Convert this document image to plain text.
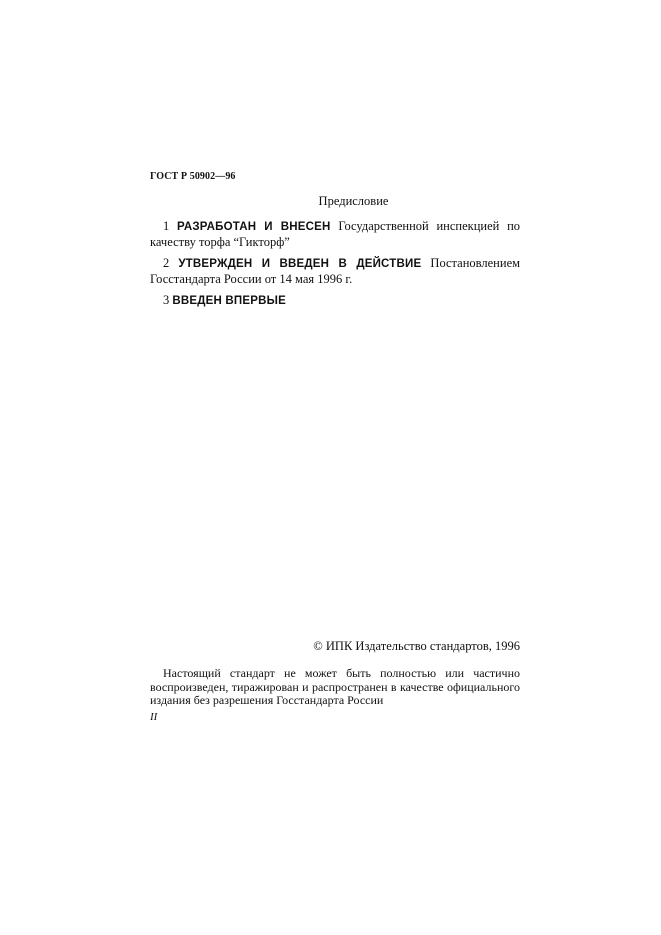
ГОСТ Р 50902—96
Предисловие
1 РАЗРАБОТАН И ВНЕСЕН Государственной инспекцией по качеству торфа “Гикторф”
2 УТВЕРЖДЕН И ВВЕДЕН В ДЕЙСТВИЕ Постановлением Госстандарта России от 14 мая 1996 г.
3 ВВЕДЕН ВПЕРВЫЕ
© ИПК Издательство стандартов, 1996
Настоящий стандарт не может быть полностью или частично воспроизведен, тиражирован и распространен в качестве официального издания без разрешения Госстандарта России
II
